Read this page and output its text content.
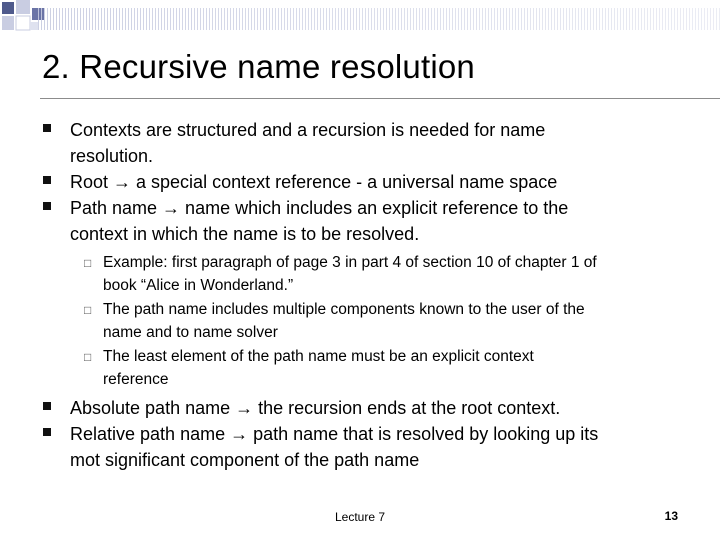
2. Recursive name resolution
Contexts are structured and a recursion is needed for name
resolution.
Root → a special context reference - a universal name space
Path name → name which includes an explicit reference to the
context in which the name is to be resolved.
□ Example: first paragraph of page 3 in part 4 of section 10 of chapter 1 of
book “Alice in Wonderland.”
□ The path name includes multiple components known to the user of the
name and to name solver
□ The least element of the path name must be an explicit context
reference
Absolute path name → the recursion ends at the root context.
Relative path name → path name that is resolved by looking up its
mot significant component of the path name
Lecture 7	13
